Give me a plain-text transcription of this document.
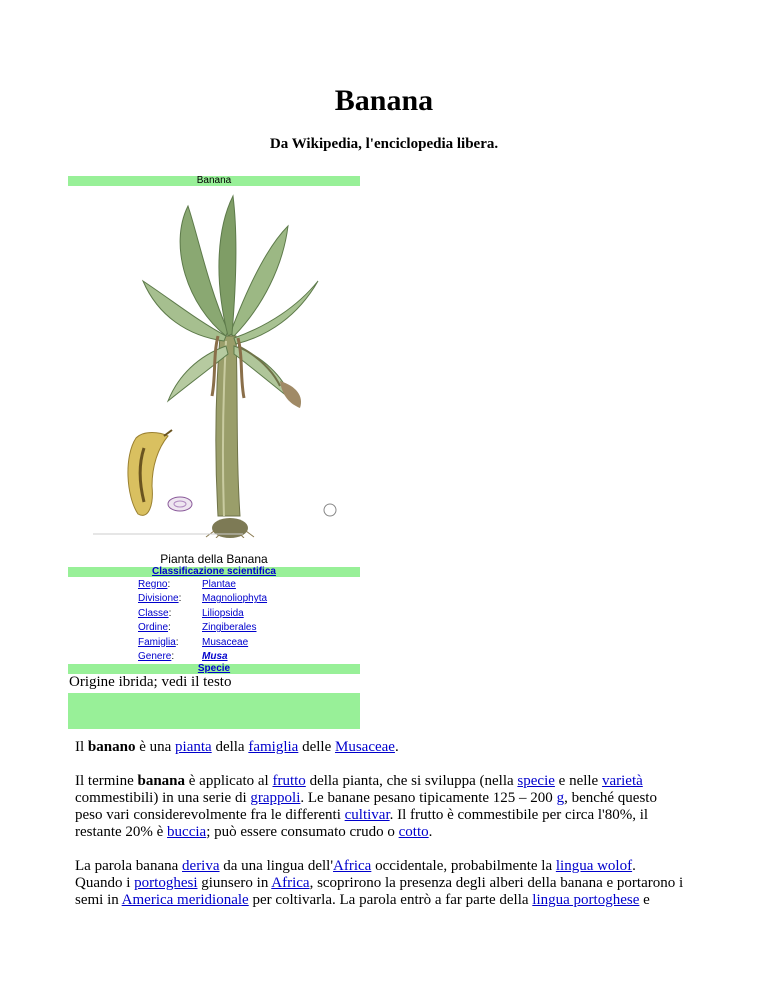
Banana
Da Wikipedia, l'enciclopedia libera.
Banana
Pianta della Banana
Classificazione scientifica
Regno:	Plantae
Divisione:	Magnoliophyta
Classe:	Liliopsida
Ordine:	Zingiberales
Famiglia:	Musaceae
Genere:	Musa
Specie
Origine ibrida; vedi il testo
Il banano è una pianta della famiglia delle Musaceae.
Il termine banana è applicato al frutto della pianta, che si sviluppa (nella specie e nelle varietà commestibili) in una serie di grappoli. Le banane pesano tipicamente 125 – 200 g, benché questo peso vari considerevolmente fra le differenti cultivar. Il frutto è commestibile per circa l'80%, il restante 20% è buccia; può essere consumato crudo o cotto.
La parola banana deriva da una lingua dell'Africa occidentale, probabilmente la lingua wolof. Quando i portoghesi giunsero in Africa, scoprirono la presenza degli alberi della banana e portarono i semi in America meridionale per coltivarla. La parola entrò a far parte della lingua portoghese e
